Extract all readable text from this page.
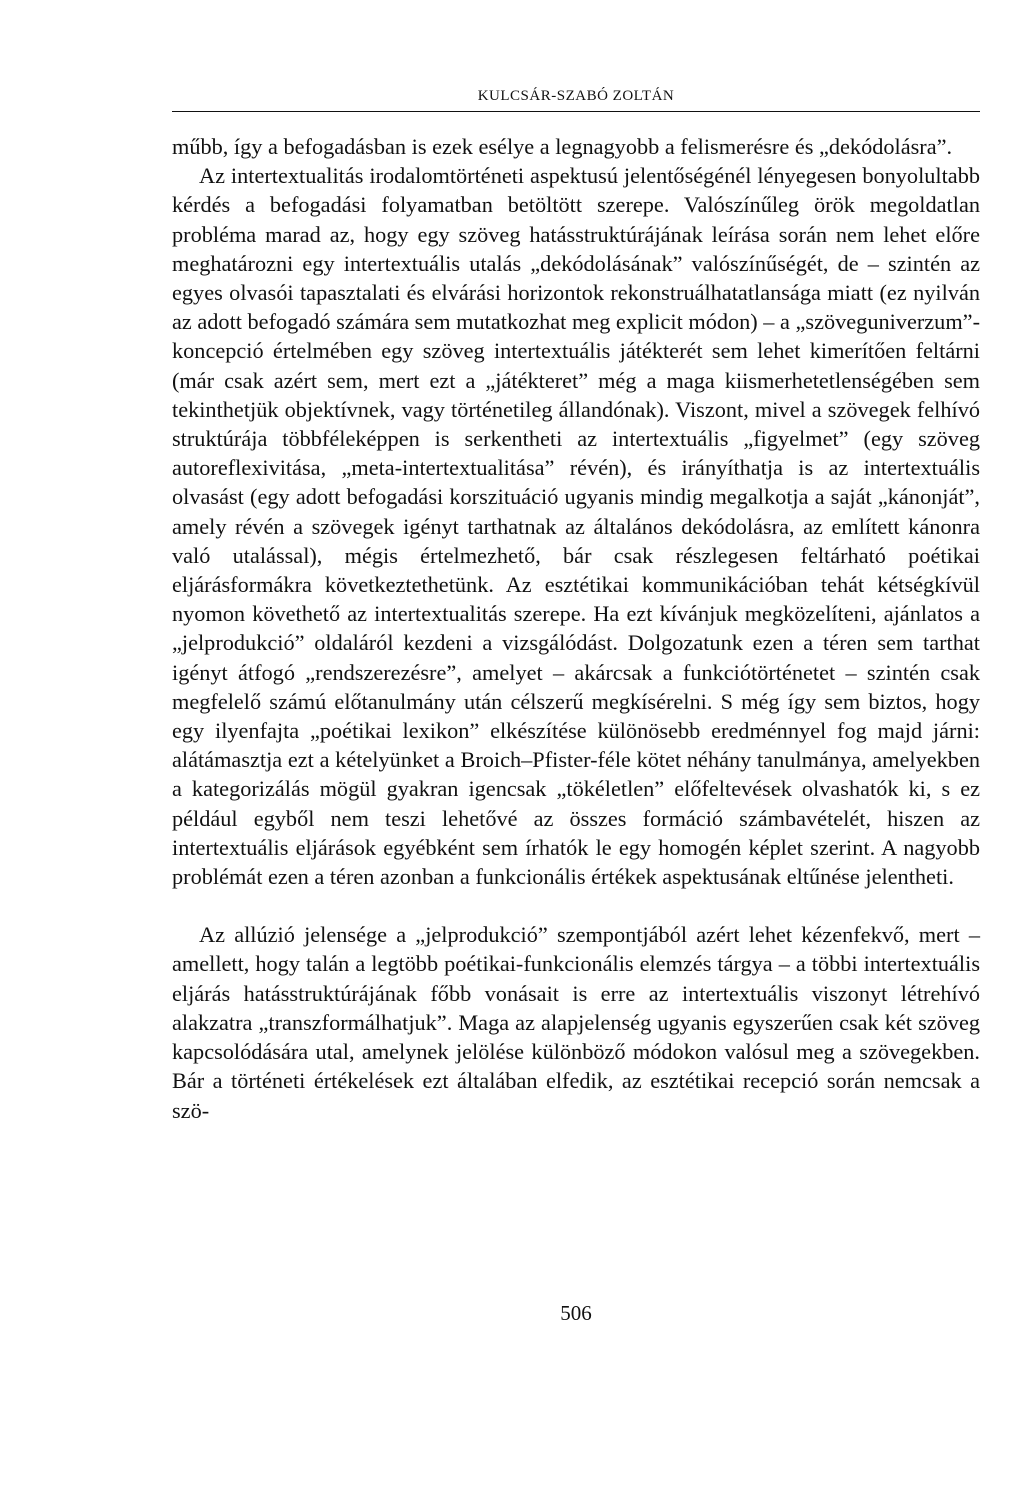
KULCSÁR-SZABÓ ZOLTÁN

műbb, így a befogadásban is ezek esélye a legnagyobb a felismerésre és „dekódolásra”.

Az intertextualitás irodalomtörténeti aspektusú jelentőségénél lényegesen bonyolultabb kérdés a befogadási folyamatban betöltött szerepe. Valószínűleg örök megoldatlan probléma marad az, hogy egy szöveg hatásstruktúrájának leírása során nem lehet előre meghatározni egy intertextuális utalás „dekódolásának” valószínűségét, de – szintén az egyes olvasói tapasztalati és elvárási horizontok rekonstruálhatatlansága miatt (ez nyilván az adott befogadó számára sem mutatkozhat meg explicit módon) – a „szöveguniverzum”-koncepció értelmében egy szöveg intertextuális játékterét sem lehet kimerítően feltárni (már csak azért sem, mert ezt a „játékteret” még a maga kiismerhetetlenségében sem tekinthetjük objektívnek, vagy történetileg állandónak). Viszont, mivel a szövegek felhívó struktúrája többféleképpen is serkentheti az intertextuális „figyelmet” (egy szöveg autoreflexivitása, „meta-intertextualitása” révén), és irányíthatja is az intertextuális olvasást (egy adott befogadási korszituáció ugyanis mindig megalkotja a saját „kánonját”, amely révén a szövegek igényt tarthatnak az általános dekódolásra, az említett kánonra való utalással), mégis értelmezhető, bár csak részlegesen feltárható poétikai eljárásformákra következtethetünk. Az esztétikai kommunikációban tehát kétségkívül nyomon követhető az intertextualitás szerepe. Ha ezt kívánjuk megközelíteni, ajánlatos a „jelprodukció” oldaláról kezdeni a vizsgálódást. Dolgozatunk ezen a téren sem tarthat igényt átfogó „rendszerezésre”, amelyet – akárcsak a funkciótörténetet – szintén csak megfelelő számú előtanulmány után célszerű megkísérelni. S még így sem biztos, hogy egy ilyenfajta „poétikai lexikon” elkészítése különösebb eredménnyel fog majd járni: alátámasztja ezt a kételyünket a Broich–Pfister-féle kötet néhány tanulmánya, amelyekben a kategorizálás mögül gyakran igencsak „tökéletlen” előfeltevések olvashatók ki, s ez például egyből nem teszi lehetővé az összes formáció számbavételét, hiszen az intertextuális eljárások egyébként sem írhatók le egy homogén képlet szerint. A nagyobb problémát ezen a téren azonban a funkcionális értékek aspektusának eltűnése jelentheti.

Az allúzió jelensége a „jelprodukció” szempontjából azért lehet kézenfekvő, mert – amellett, hogy talán a legtöbb poétikai-funkcionális elemzés tárgya – a többi intertextuális eljárás hatásstruktúrájának főbb vonásait is erre az intertextuális viszonyt létrehívó alakzatra „transzformálhatjuk”. Maga az alapjelenség ugyanis egyszerűen csak két szöveg kapcsolódására utal, amelynek jelölése különböző módokon valósul meg a szövegekben. Bár a történeti értékelések ezt általában elfedik, az esztétikai recepció során nemcsak a szö-

506
